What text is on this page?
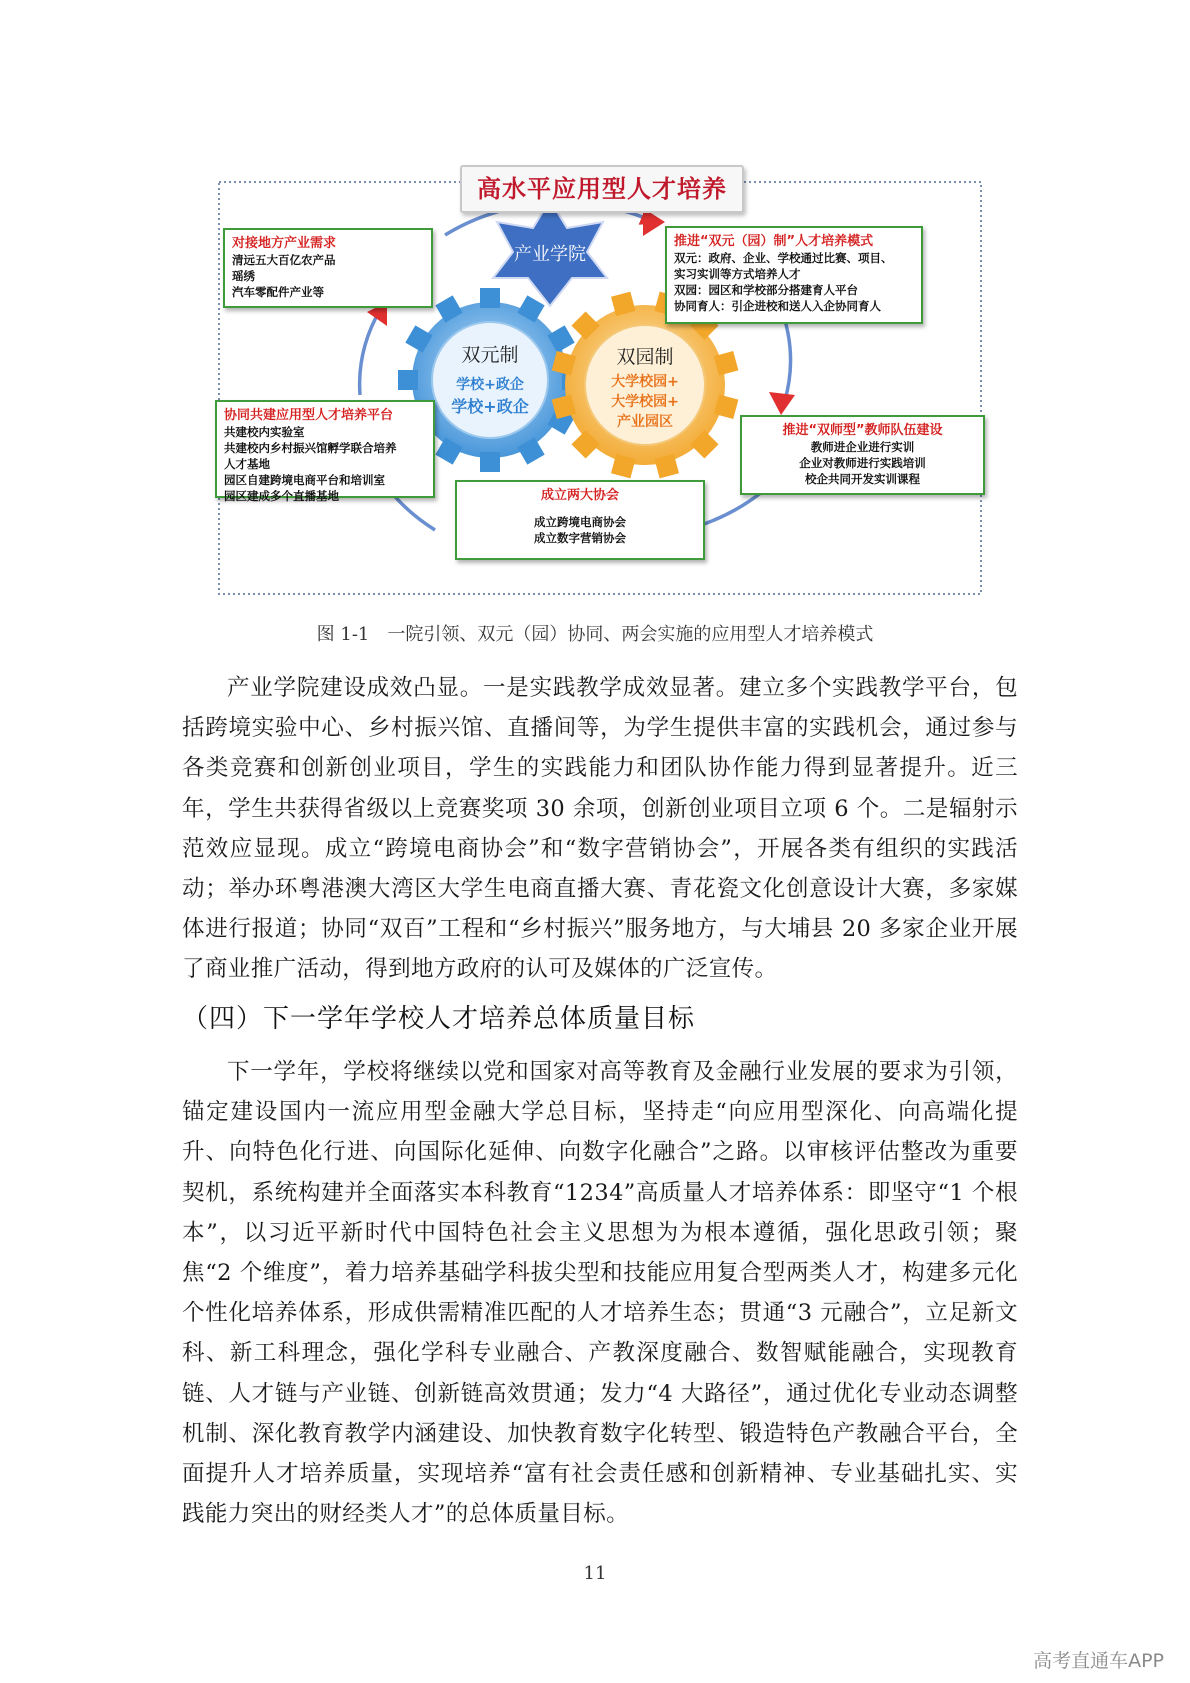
高水平应用型人才培养
产业学院
双元制
学校+政企
学校+政企
双园制
大学校园+
大学校园+
产业园区
对接地方产业需求
清远五大百亿农产品
瑶绣
汽车零配件产业等
推进“双元（园）制”人才培养模式
双元：政府、企业、学校通过比赛、项目、
实习实训等方式培养人才
双园：园区和学校部分搭建育人平台
协同育人：引企进校和送人入企协同育人
协同共建应用型人才培养平台
共建校内实验室
共建校内乡村振兴馆孵学联合培养
人才基地
园区自建跨境电商平台和培训室
园区建成多个直播基地
推进“双师型”教师队伍建设
教师进企业进行实训
企业对教师进行实践培训
校企共同开发实训课程
成立两大协会
成立跨境电商协会
成立数字营销协会
图 1-1　一院引领、双元（园）协同、两会实施的应用型人才培养模式

产业学院建设成效凸显。一是实践教学成效显著。建立多个实践教学平台，包括跨境实验中心、乡村振兴馆、直播间等，为学生提供丰富的实践机会，通过参与各类竞赛和创新创业项目，学生的实践能力和团队协作能力得到显著提升。近三年，学生共获得省级以上竞赛奖项 30 余项，创新创业项目立项 6 个。二是辐射示范效应显现。成立“跨境电商协会”和“数字营销协会”，开展各类有组织的实践活动；举办环粤港澳大湾区大学生电商直播大赛、青花瓷文化创意设计大赛，多家媒体进行报道；协同“双百”工程和“乡村振兴”服务地方，与大埔县 20 多家企业开展了商业推广活动，得到地方政府的认可及媒体的广泛宣传。

（四）下一学年学校人才培养总体质量目标

下一学年，学校将继续以党和国家对高等教育及金融行业发展的要求为引领，锚定建设国内一流应用型金融大学总目标，坚持走“向应用型深化、向高端化提升、向特色化行进、向国际化延伸、向数字化融合”之路。以审核评估整改为重要契机，系统构建并全面落实本科教育“1234”高质量人才培养体系：即坚守“1 个根本”，以习近平新时代中国特色社会主义思想为为根本遵循，强化思政引领；聚焦“2 个维度”，着力培养基础学科拔尖型和技能应用复合型两类人才，构建多元化个性化培养体系，形成供需精准匹配的人才培养生态；贯通“3 元融合”，立足新文科、新工科理念，强化学科专业融合、产教深度融合、数智赋能融合，实现教育链、人才链与产业链、创新链高效贯通；发力“4 大路径”，通过优化专业动态调整机制、深化教育教学内涵建设、加快教育数字化转型、锻造特色产教融合平台，全面提升人才培养质量，实现培养“富有社会责任感和创新精神、专业基础扎实、实践能力突出的财经类人才”的总体质量目标。

11
高考直通车APP
